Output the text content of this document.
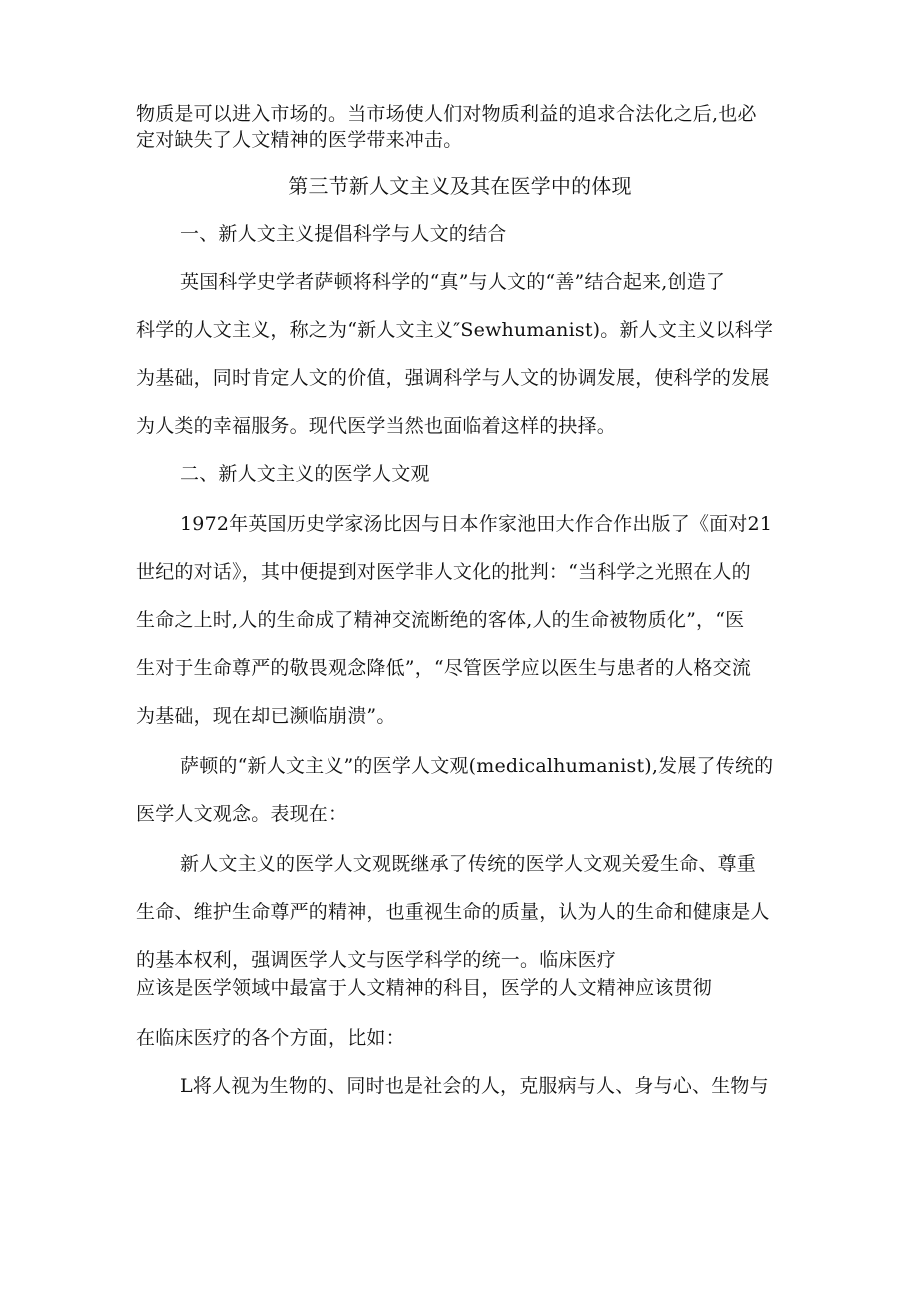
物质是可以进入市场的。当市场使人们对物质利益的追求合法化之后,也必
定对缺失了人文精神的医学带来冲击。
第三节新人文主义及其在医学中的体现
一、新人文主义提倡科学与人文的结合
英国科学史学者萨顿将科学的“真”与人文的“善”结合起来,创造了
科学的人文主义，称之为“新人文主义″Sewhumanist)。新人文主义以科学
为基础，同时肯定人文的价值，强调科学与人文的协调发展，使科学的发展
为人类的幸福服务。现代医学当然也面临着这样的抉择。
二、新人文主义的医学人文观
1972年英国历史学家汤比因与日本作家池田大作合作出版了《面对21
世纪的对话》，其中便提到对医学非人文化的批判：“当科学之光照在人的
生命之上时,人的生命成了精神交流断绝的客体,人的生命被物质化”，“医
生对于生命尊严的敬畏观念降低”，“尽管医学应以医生与患者的人格交流
为基础，现在却已濒临崩溃”。
萨顿的“新人文主义”的医学人文观(medicalhumanist),发展了传统的
医学人文观念。表现在：
新人文主义的医学人文观既继承了传统的医学人文观关爱生命、尊重
生命、维护生命尊严的精神，也重视生命的质量，认为人的生命和健康是人
的基本权利，强调医学人文与医学科学的统一。临床医疗
应该是医学领域中最富于人文精神的科目，医学的人文精神应该贯彻
在临床医疗的各个方面，比如：
L将人视为生物的、同时也是社会的人，克服病与人、身与心、生物与
